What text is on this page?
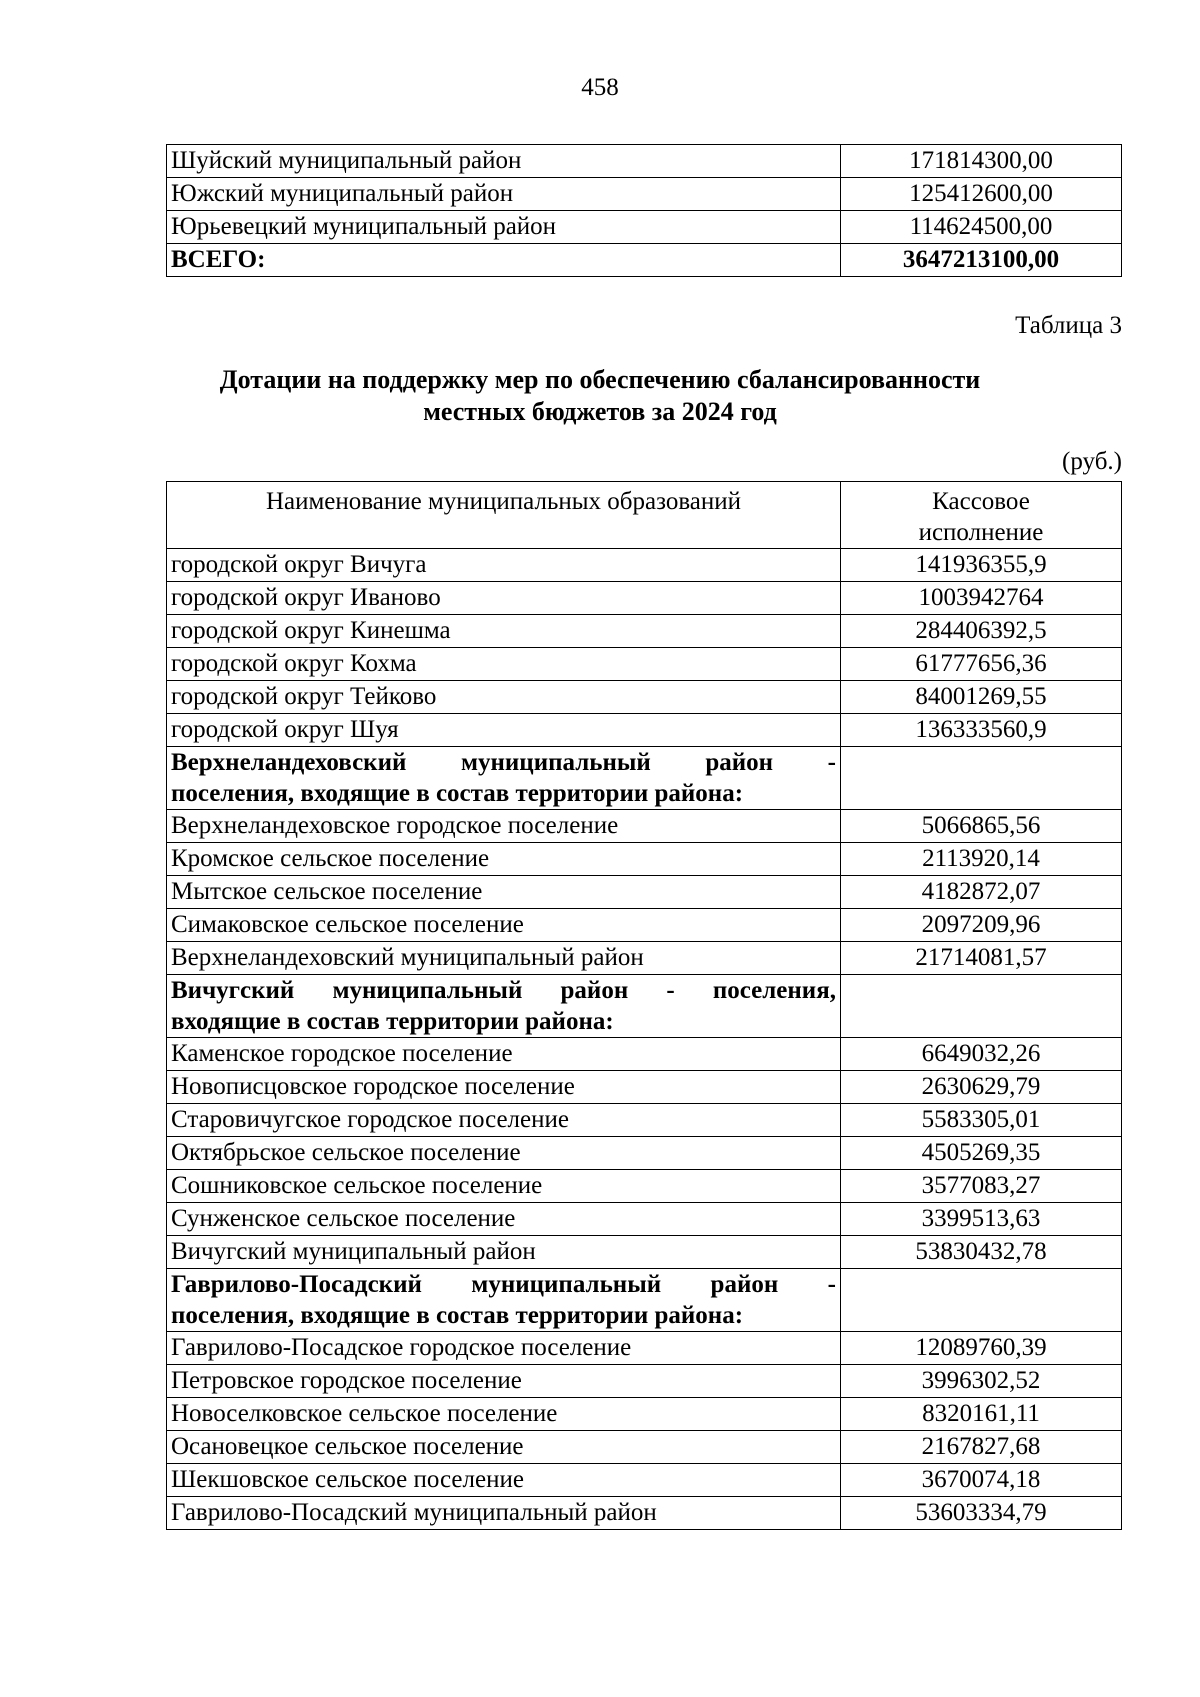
458
Шуйский муниципальный район	171814300,00
Южский муниципальный район	125412600,00
Юрьевецкий муниципальный район	114624500,00
ВСЕГО:	3647213100,00
Таблица 3
Дотации на поддержку мер по обеспечению сбалансированности
местных бюджетов за 2024 год
(руб.)
Наименование муниципальных образований	Кассовое
исполнение

городской округ Вичуга	141936355,9
городской округ Иваново	1003942764
городской округ Кинешма	284406392,5
городской округ Кохма	61777656,36
городской округ Тейково	84001269,55
городской округ Шуя	136333560,9

Верхнеландеховский муниципальный район -
поселения, входящие в состав территории района:	

Верхнеландеховское городское поселение	5066865,56
Кромское сельское поселение	2113920,14
Мытское сельское поселение	4182872,07
Симаковское сельское поселение	2097209,96
Верхнеландеховский муниципальный район	21714081,57

Вичугский муниципальный район - поселения,
входящие в состав территории района:	

Каменское городское поселение	6649032,26
Новописцовское городское поселение	2630629,79
Старовичугское городское поселение	5583305,01
Октябрьское сельское поселение	4505269,35
Сошниковское сельское поселение	3577083,27
Сунженское сельское поселение	3399513,63
Вичугский муниципальный район	53830432,78

Гаврилово-Посадский муниципальный район -
поселения, входящие в состав территории района:	

Гаврилово-Посадское городское поселение	12089760,39
Петровское городское поселение	3996302,52
Новоселковское сельское поселение	8320161,11
Осановецкое сельское поселение	2167827,68
Шекшовское сельское поселение	3670074,18
Гаврилово-Посадский муниципальный район	53603334,79
